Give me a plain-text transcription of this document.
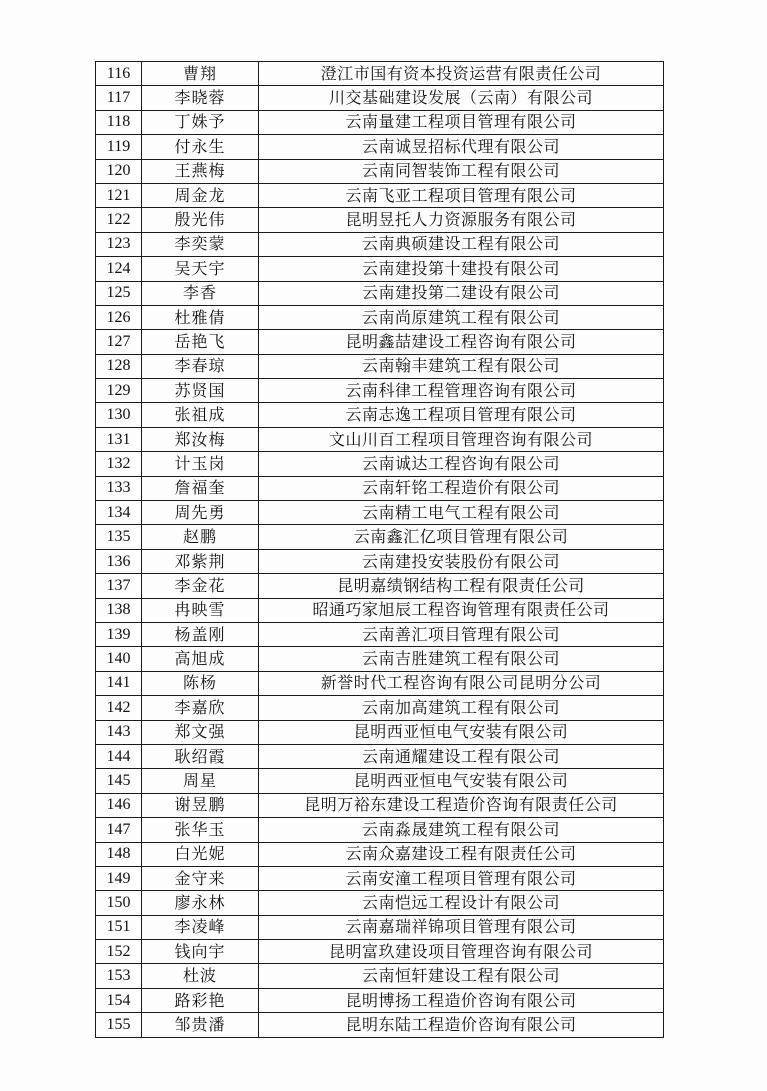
116	曹翔	澄江市国有资本投资运营有限责任公司
117	李晓蓉	川交基础建设发展（云南）有限公司
118	丁姝予	云南量建工程项目管理有限公司
119	付永生	云南诚昱招标代理有限公司
120	王燕梅	云南同智装饰工程有限公司
121	周金龙	云南飞亚工程项目管理有限公司
122	殷光伟	昆明昱托人力资源服务有限公司
123	李奕蒙	云南典硕建设工程有限公司
124	吴天宇	云南建投第十建投有限公司
125	李香	云南建投第二建设有限公司
126	杜雅倩	云南尚原建筑工程有限公司
127	岳艳飞	昆明鑫喆建设工程咨询有限公司
128	李春琼	云南翰丰建筑工程有限公司
129	苏贤国	云南科律工程管理咨询有限公司
130	张祖成	云南志逸工程项目管理有限公司
131	郑汝梅	文山川百工程项目管理咨询有限公司
132	计玉岗	云南诚达工程咨询有限公司
133	詹福奎	云南轩铭工程造价有限公司
134	周先勇	云南精工电气工程有限公司
135	赵鹏	云南鑫汇亿项目管理有限公司
136	邓紫荆	云南建投安装股份有限公司
137	李金花	昆明嘉绩钢结构工程有限责任公司
138	冉映雪	昭通巧家旭辰工程咨询管理有限责任公司
139	杨盖刚	云南善汇项目管理有限公司
140	高旭成	云南吉胜建筑工程有限公司
141	陈杨	新誉时代工程咨询有限公司昆明分公司
142	李嘉欣	云南加高建筑工程有限公司
143	郑文强	昆明西亚恒电气安装有限公司
144	耿绍霞	云南通耀建设工程有限公司
145	周星	昆明西亚恒电气安装有限公司
146	谢昱鹏	昆明万裕东建设工程造价咨询有限责任公司
147	张华玉	云南淼晟建筑工程有限公司
148	白光妮	云南众嘉建设工程有限责任公司
149	金守来	云南安潼工程项目管理有限公司
150	廖永林	云南恺远工程设计有限公司
151	李凌峰	云南嘉瑞祥锦项目管理有限公司
152	钱向宇	昆明富玖建设项目管理咨询有限公司
153	杜波	云南恒轩建设工程有限公司
154	路彩艳	昆明博扬工程造价咨询有限公司
155	邹贵潘	昆明东陆工程造价咨询有限公司
